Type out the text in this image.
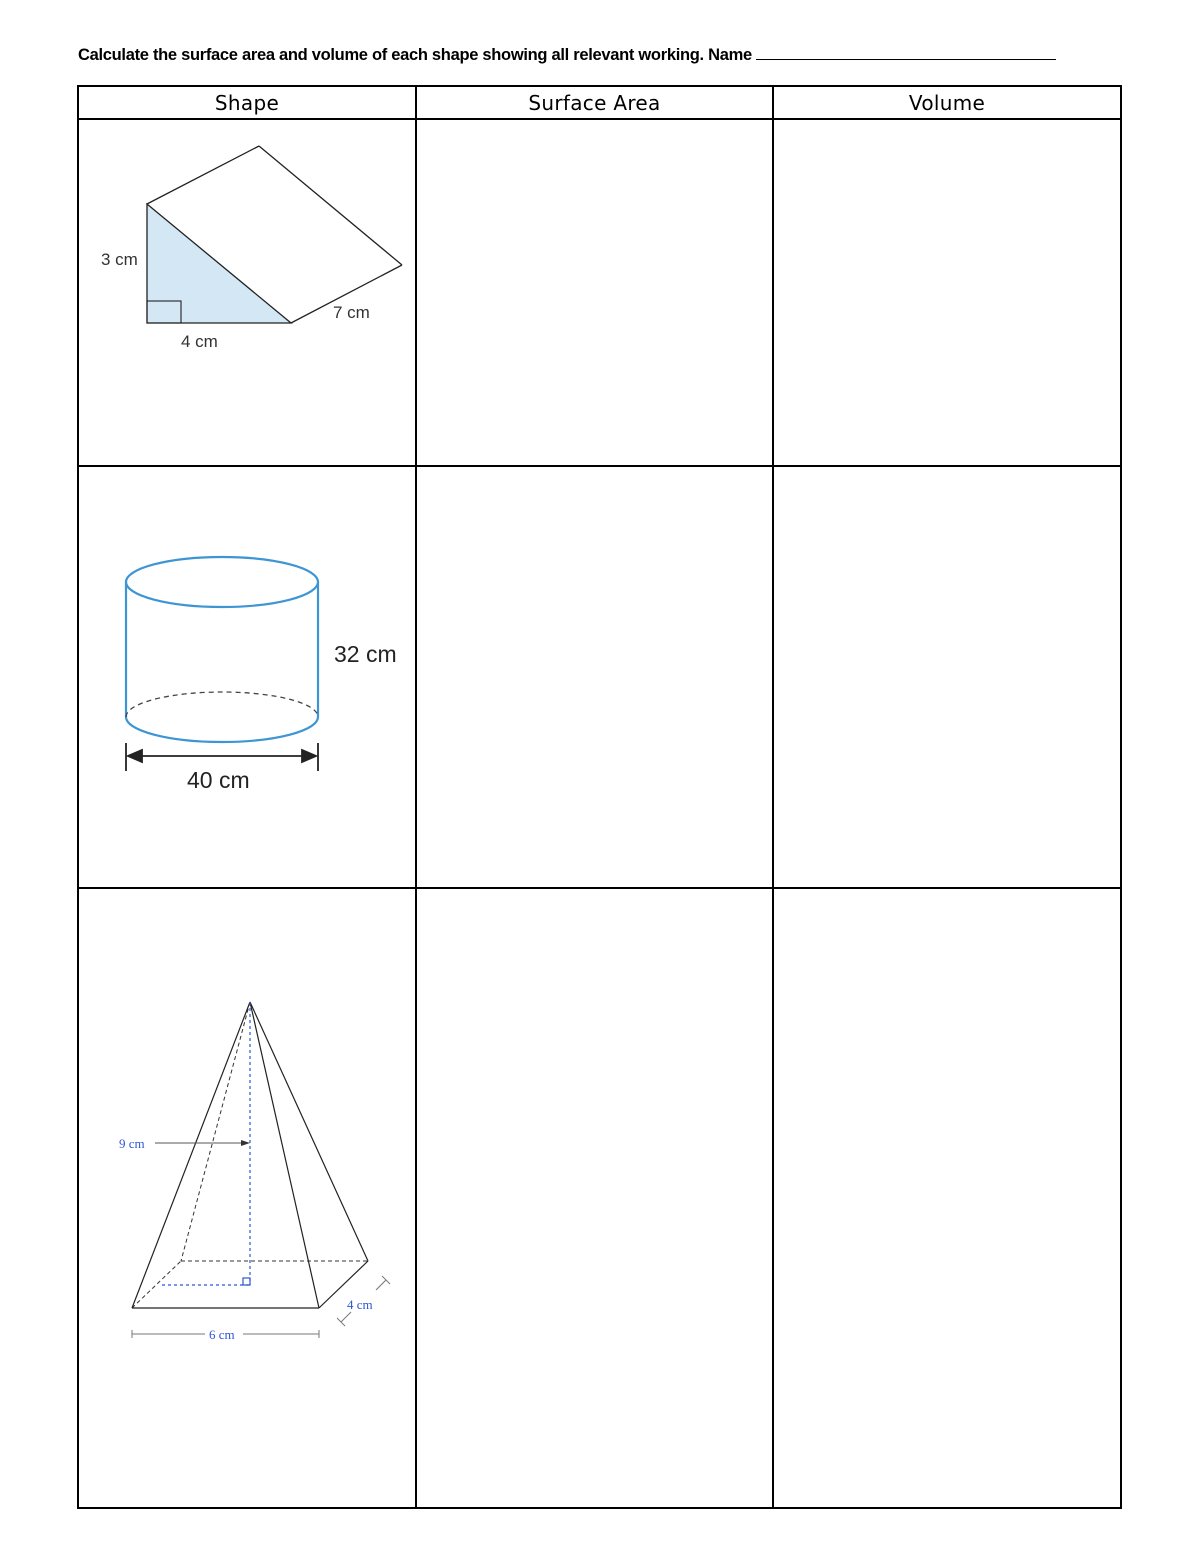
Calculate the surface area and volume of each shape showing all relevant working. Name
Shape	Surface Area	Volume

3 cm
4 cm
7 cm		

32 cm
40 cm		

9 cm
6 cm
4 cm		
